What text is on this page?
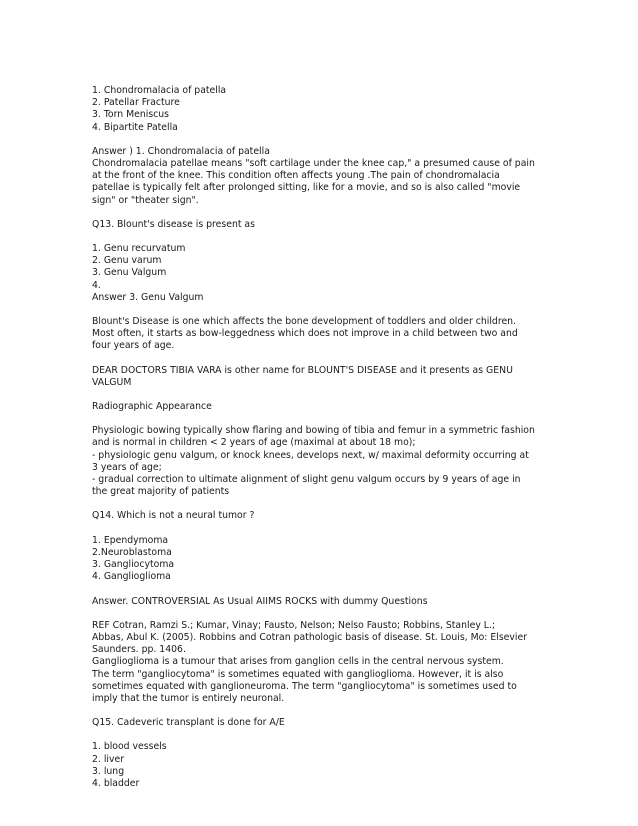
1. Chondromalacia of patella
2. Patellar Fracture
3. Torn Meniscus
4. Bipartite Patella
Answer ) 1. Chondromalacia of patella
Chondromalacia patellae means "soft cartilage under the knee cap," a presumed cause of pain
at the front of the knee. This condition often affects young .The pain of chondromalacia
patellae is typically felt after prolonged sitting, like for a movie, and so is also called "movie
sign" or "theater sign".
Q13. Blount's disease is present as
1. Genu recurvatum
2. Genu varum
3. Genu Valgum
4.
Answer 3. Genu Valgum
Blount's Disease is one which affects the bone development of toddlers and older children.
Most often, it starts as bow-leggedness which does not improve in a child between two and
four years of age.
DEAR DOCTORS TIBIA VARA is other name for BLOUNT'S DISEASE and it presents as GENU
VALGUM
Radiographic Appearance
Physiologic bowing typically show flaring and bowing of tibia and femur in a symmetric fashion
and is normal in children < 2 years of age (maximal at about 18 mo);
- physiologic genu valgum, or knock knees, develops next, w/ maximal deformity occurring at
3 years of age;
- gradual correction to ultimate alignment of slight genu valgum occurs by 9 years of age in
the great majority of patients
Q14. Which is not a neural tumor ?
1. Ependymoma
2.Neuroblastoma
3. Gangliocytoma
4. Ganglioglioma
Answer. CONTROVERSIAL As Usual AIIMS ROCKS with dummy Questions
REF Cotran, Ramzi S.; Kumar, Vinay; Fausto, Nelson; Nelso Fausto; Robbins, Stanley L.;
Abbas, Abul K. (2005). Robbins and Cotran pathologic basis of disease. St. Louis, Mo: Elsevier
Saunders. pp. 1406.
Ganglioglioma is a tumour that arises from ganglion cells in the central nervous system.
The term "gangliocytoma" is sometimes equated with ganglioglioma. However, it is also
sometimes equated with ganglioneuroma. The term "gangliocytoma" is sometimes used to
imply that the tumor is entirely neuronal.
Q15. Cadeveric transplant is done for A/E
1. blood vessels
2. liver
3. lung
4. bladder
